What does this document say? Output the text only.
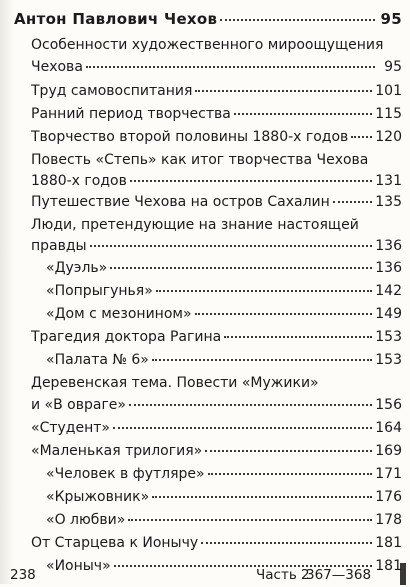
Антон Павлович Чехов	95
Особенности художественного мироощущения
Чехова	95
Труд самовоспитания	101
Ранний период творчества	115
Творчество второй половины 1880-х годов 120
Повесть «Степь» как итог творчества Чехова
1880-х годов	131
Путешествие Чехова на остров Сахалин	135
Люди, претендующие на знание настоящей
правды	136
«Дуэль»	136
«Попрыгунья»	142
«Дом с мезонином»	149
Трагедия доктора Рагина	153
«Палата № 6»	153
Деревенская тема. Повести «Мужики»
и «В овраге»	156
«Студент»	164
«Маленькая трилогия»	169
«Человек в футляре»	171
«Крыжовник»	176
«О любви»	178
От Старцева к Ионычу	181
«Ионыч»	181
238	Часть 2
367—368
